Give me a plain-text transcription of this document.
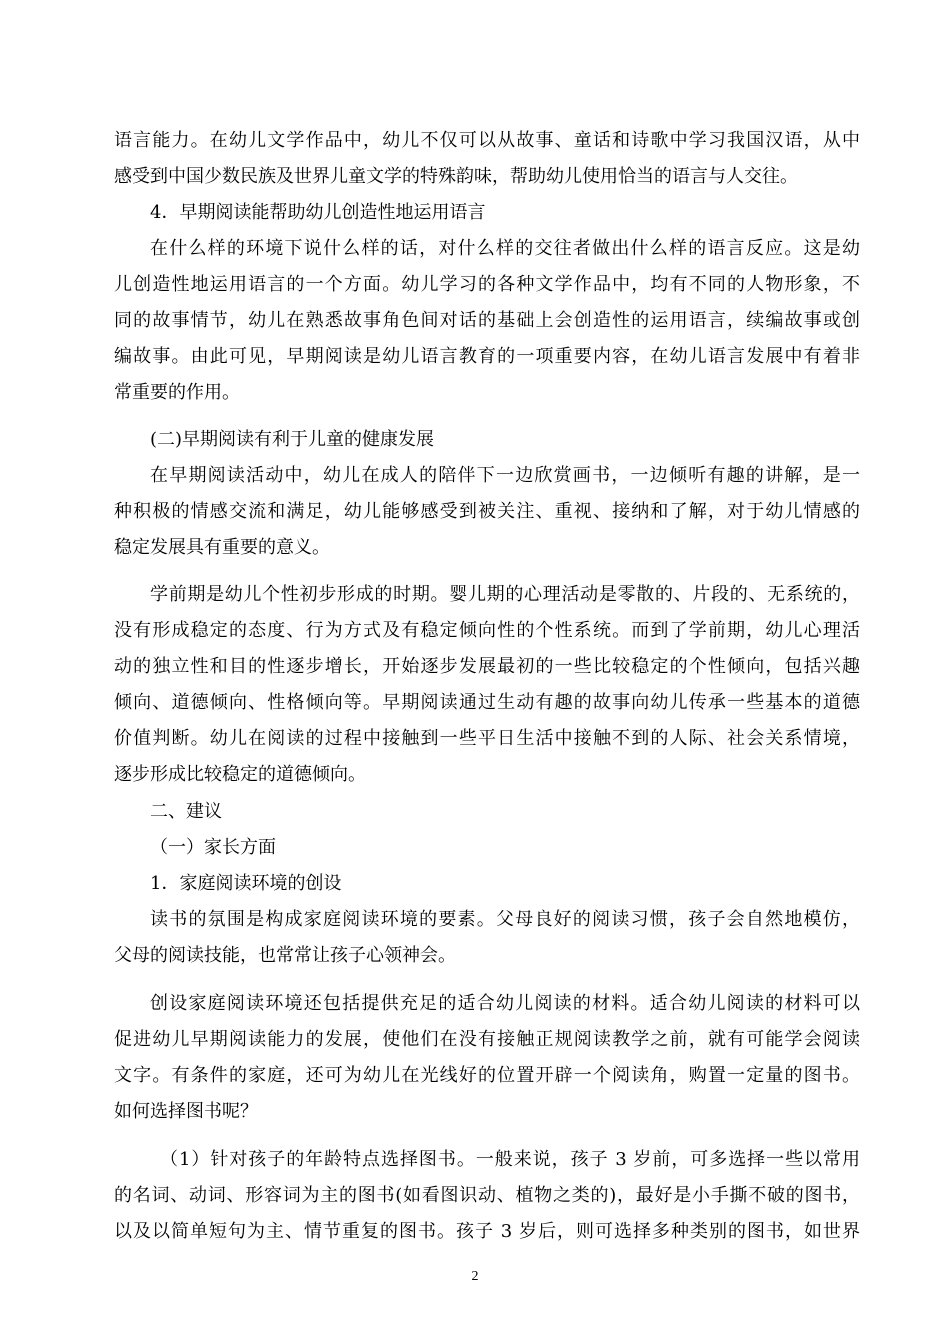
语言能力。在幼儿文学作品中，幼儿不仅可以从故事、童话和诗歌中学习我国汉语，从中
感受到中国少数民族及世界儿童文学的特殊韵味，帮助幼儿使用恰当的语言与人交往。
4．早期阅读能帮助幼儿创造性地运用语言
在什么样的环境下说什么样的话，对什么样的交往者做出什么样的语言反应。这是幼
儿创造性地运用语言的一个方面。幼儿学习的各种文学作品中，均有不同的人物形象，不
同的故事情节，幼儿在熟悉故事角色间对话的基础上会创造性的运用语言，续编故事或创
编故事。由此可见，早期阅读是幼儿语言教育的一项重要内容，在幼儿语言发展中有着非
常重要的作用。
(二)早期阅读有利于儿童的健康发展
在早期阅读活动中，幼儿在成人的陪伴下一边欣赏画书，一边倾听有趣的讲解，是一
种积极的情感交流和满足，幼儿能够感受到被关注、重视、接纳和了解，对于幼儿情感的
稳定发展具有重要的意义。
学前期是幼儿个性初步形成的时期。婴儿期的心理活动是零散的、片段的、无系统的，
没有形成稳定的态度、行为方式及有稳定倾向性的个性系统。而到了学前期，幼儿心理活
动的独立性和目的性逐步增长，开始逐步发展最初的一些比较稳定的个性倾向，包括兴趣
倾向、道德倾向、性格倾向等。早期阅读通过生动有趣的故事向幼儿传承一些基本的道德
价值判断。幼儿在阅读的过程中接触到一些平日生活中接触不到的人际、社会关系情境，
逐步形成比较稳定的道德倾向。
二、建议
（一）家长方面
1．家庭阅读环境的创设
读书的氛围是构成家庭阅读环境的要素。父母良好的阅读习惯，孩子会自然地模仿，
父母的阅读技能，也常常让孩子心领神会。
创设家庭阅读环境还包括提供充足的适合幼儿阅读的材料。适合幼儿阅读的材料可以
促进幼儿早期阅读能力的发展，使他们在没有接触正规阅读教学之前，就有可能学会阅读
文字。有条件的家庭，还可为幼儿在光线好的位置开辟一个阅读角，购置一定量的图书。
如何选择图书呢？
（1）针对孩子的年龄特点选择图书。一般来说，孩子 3 岁前，可多选择一些以常用
的名词、动词、形容词为主的图书(如看图识动、植物之类的)，最好是小手撕不破的图书，
以及以简单短句为主、情节重复的图书。孩子 3 岁后，则可选择多种类别的图书，如世界
2
